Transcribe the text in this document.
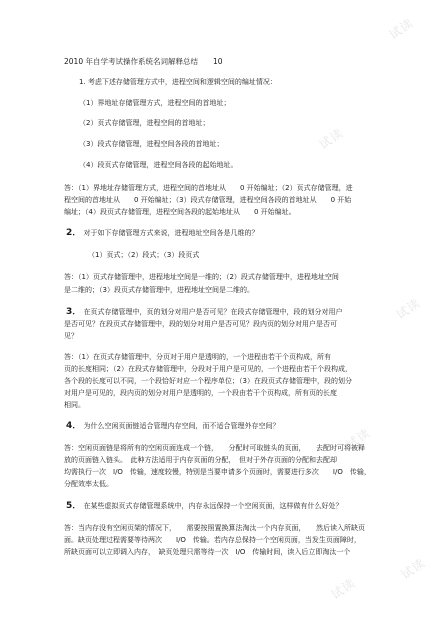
试读
试读
试读
试读
试读
试读
2010 年自学考试操作系统名词解释总结　　10
1. 考虑下述存储管理方式中，进程空间和逻辑空间的编址情况：
（1）界地址存储管理方式，进程空间的首地址；
（2）页式存储管理，进程空间的首地址；
（3）段式存储管理，进程空间各段的首地址；
（4）段页式存储管理，进程空间各段的起始地址。
答：（1）界地址存储管理方式，进程空间的首地址从　　0 开始编址；（2）页式存储管理，进
程空间的首地址从　　0 开始编址；（3）段式存储管理，进程空间各段的首地址从　　0 开始
编址；（4）段页式存储管理，进程空间各段的起始地址从　　0 开始编址。
2． 对于如下存储管理方式来说，进程地址空间各是几维的？
（1）页式；（2）段式；（3）段页式
答：（1）页式存储管理中，进程地址空间是一维的；（2）段式存储管理中，进程地址空间
是二维的；（3）段页式存储管理中，进程地址空间是二维的。
3． 在页式存储管理中，页的划分对用户是否可见？在段式存储管理中，段的划分对用户
是否可见？在段页式存储管理中，段的划分对用户是否可见？段内页的划分对用户是否可
见？
答：（1）在页式存储管理中，分页对于用户是透明的，一个进程由若干个页构成，所有
页的长度相同；（2）在段式存储管理中，分段对于用户是可见的，一个进程由若干个段构成，
各个段的长度可以不同，一个段恰好对应一个程序单位；（3）在段页式存储管理中，段的划分
对用户是可见的，段内页的划分对用户是透明的，一个段由若干个页构成，所有页的长度
相同。
4． 为什么空闲页面链适合管理内存空间，而不适合管理外存空间？
答：空闲页面链是将所有的空闲页面连成一个链，　　分配时可取链头的页面，　　去配时可将被释
放的页面链入链头。　此种方法适用于内存页面的分配，　但对于外存页面的分配和去配却
均需执行一次　I/O　传输，速度较慢，特别是当要申请多个页面时，需要进行多次　　I/O　传输，
分配效率太低。
5． 在某些虚拟页式存储管理系统中，内存永远保持一个空闲页面，这样做有什么好处？
答：当内存没有空闲页架的情况下，　　需要按照置换算法淘汰一个内存页面，　　然后读入所缺页
面。缺页处理过程需要等待两次　　I/O　传输。若内存总保持一个空闲页面，当发生页面障时，
所缺页面可以立即调入内存，　缺页处理只需等待一次　I/O　传输时间，读入后立即淘汰一个
